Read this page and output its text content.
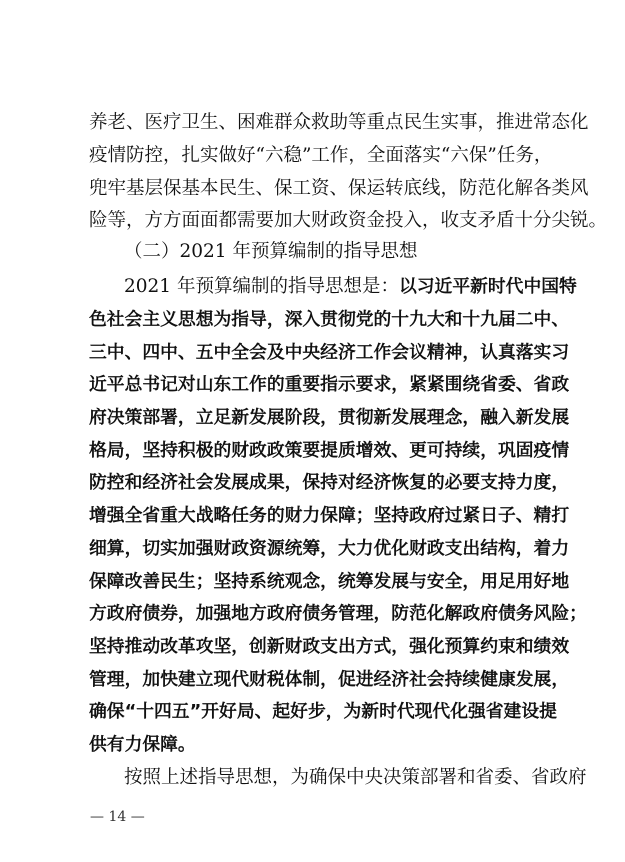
养老、医疗卫生、困难群众救助等重点民生实事，推进常态化
疫情防控，扎实做好“六稳”工作，全面落实“六保”任务，
兜牢基层保基本民生、保工资、保运转底线，防范化解各类风
险等，方方面面都需要加大财政资金投入，收支矛盾十分尖锐。
（二）2021 年预算编制的指导思想
2021 年预算编制的指导思想是：以习近平新时代中国特
色社会主义思想为指导，深入贯彻党的十九大和十九届二中、
三中、四中、五中全会及中央经济工作会议精神，认真落实习
近平总书记对山东工作的重要指示要求，紧紧围绕省委、省政
府决策部署，立足新发展阶段，贯彻新发展理念，融入新发展
格局，坚持积极的财政政策要提质增效、更可持续，巩固疫情
防控和经济社会发展成果，保持对经济恢复的必要支持力度，
增强全省重大战略任务的财力保障；坚持政府过紧日子、精打
细算，切实加强财政资源统筹，大力优化财政支出结构，着力
保障改善民生；坚持系统观念，统筹发展与安全，用足用好地
方政府债券，加强地方政府债务管理，防范化解政府债务风险；
坚持推动改革攻坚，创新财政支出方式，强化预算约束和绩效
管理，加快建立现代财税体制，促进经济社会持续健康发展，
确保“十四五”开好局、起好步，为新时代现代化强省建设提
供有力保障。
按照上述指导思想，为确保中央决策部署和省委、省政府
— 14 —
